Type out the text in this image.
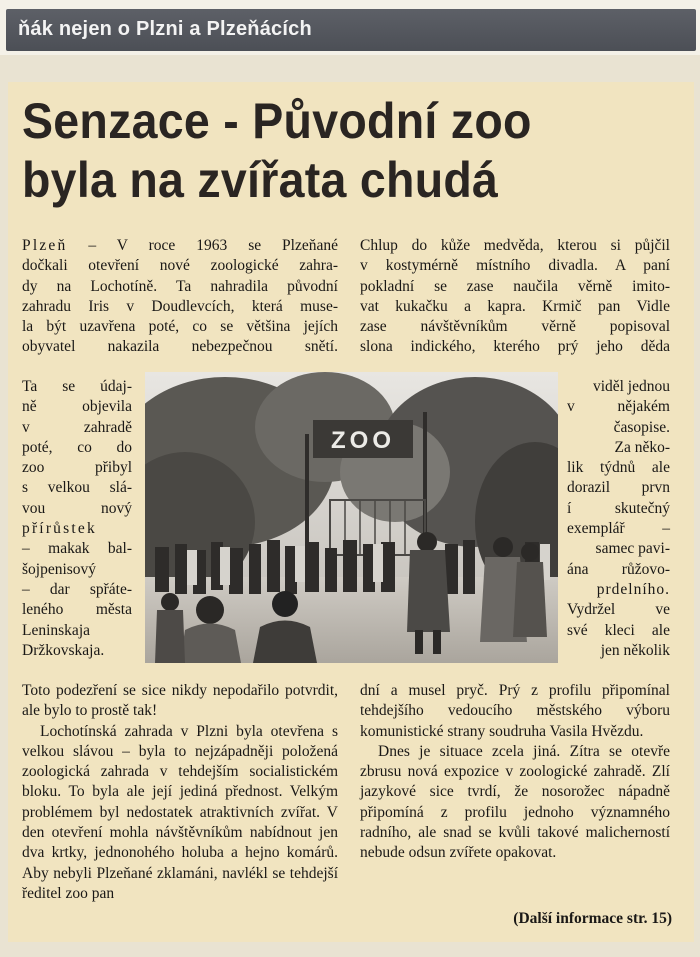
ňák nejen o Plzni a Plzeňácích
Senzace - Původní zoo
byla na zvířata chudá
Plzeň – V roce 1963 se Plzeňané
dočkali otevření nové zoologické zahra-
dy na Lochotíně. Ta nahradila původní
zahradu Iris v Doudlevcích, která muse-
la být uzavřena poté, co se většina jejích
obyvatel nakazila nebezpečnou snětí.
Ta se údaj-
ně objevila
v zahradě
poté, co do
zoo přibyl
s velkou slá-
vou nový
přírůstek
– makak bal-
šojpenisový
– dar spřáte-
leného města
Leninskaja
Držkovskaja.
Chlup do kůže medvěda, kterou si půjčil
v kostymérně místního divadla. A paní
pokladní se zase naučila věrně imito-
vat kukačku a kapra. Krmič pan Vidle
zase návštěvníkům věrně popisoval
slona indického, kterého prý jeho děda
viděl jednou
v nějakém
časopise.
Za něko-
lik týdnů ale
dorazil prvn
í skutečný
exemplář –
samec pavi-
ána růžovo-
prdelního.
Vydržel ve
své kleci ale
jen několik
ZOO

Toto podezření se sice nikdy nepodařilo potvrdit, ale bylo to prostě tak!

Lochotínská zahrada v Plzni byla otevřena s velkou slávou – byla to nejzápadněji položená zoologická zahrada v tehdejším socialistickém bloku. To byla ale její jediná přednost. Velkým problémem byl nedostatek atraktivních zvířat. V den otevření mohla návštěvníkům nabídnout jen dva krtky, jednonohého holuba a hejno komárů. Aby nebyli Plzeňané zklamáni, navlékl se tehdejší ředitel zoo pan

dní a musel pryč. Prý z profilu připomínal tehdejšího vedoucího městského výboru komunistické strany soudruha Vasila Hvězdu.

Dnes je situace zcela jiná. Zítra se otevře zbrusu nová expozice v zoologické zahradě. Zlí jazykové sice tvrdí, že nosorožec nápadně připomíná z profilu jednoho významného radního, ale snad se kvůli takové malicherností nebude odsun zvířete opakovat.

(Další informace str. 15)
